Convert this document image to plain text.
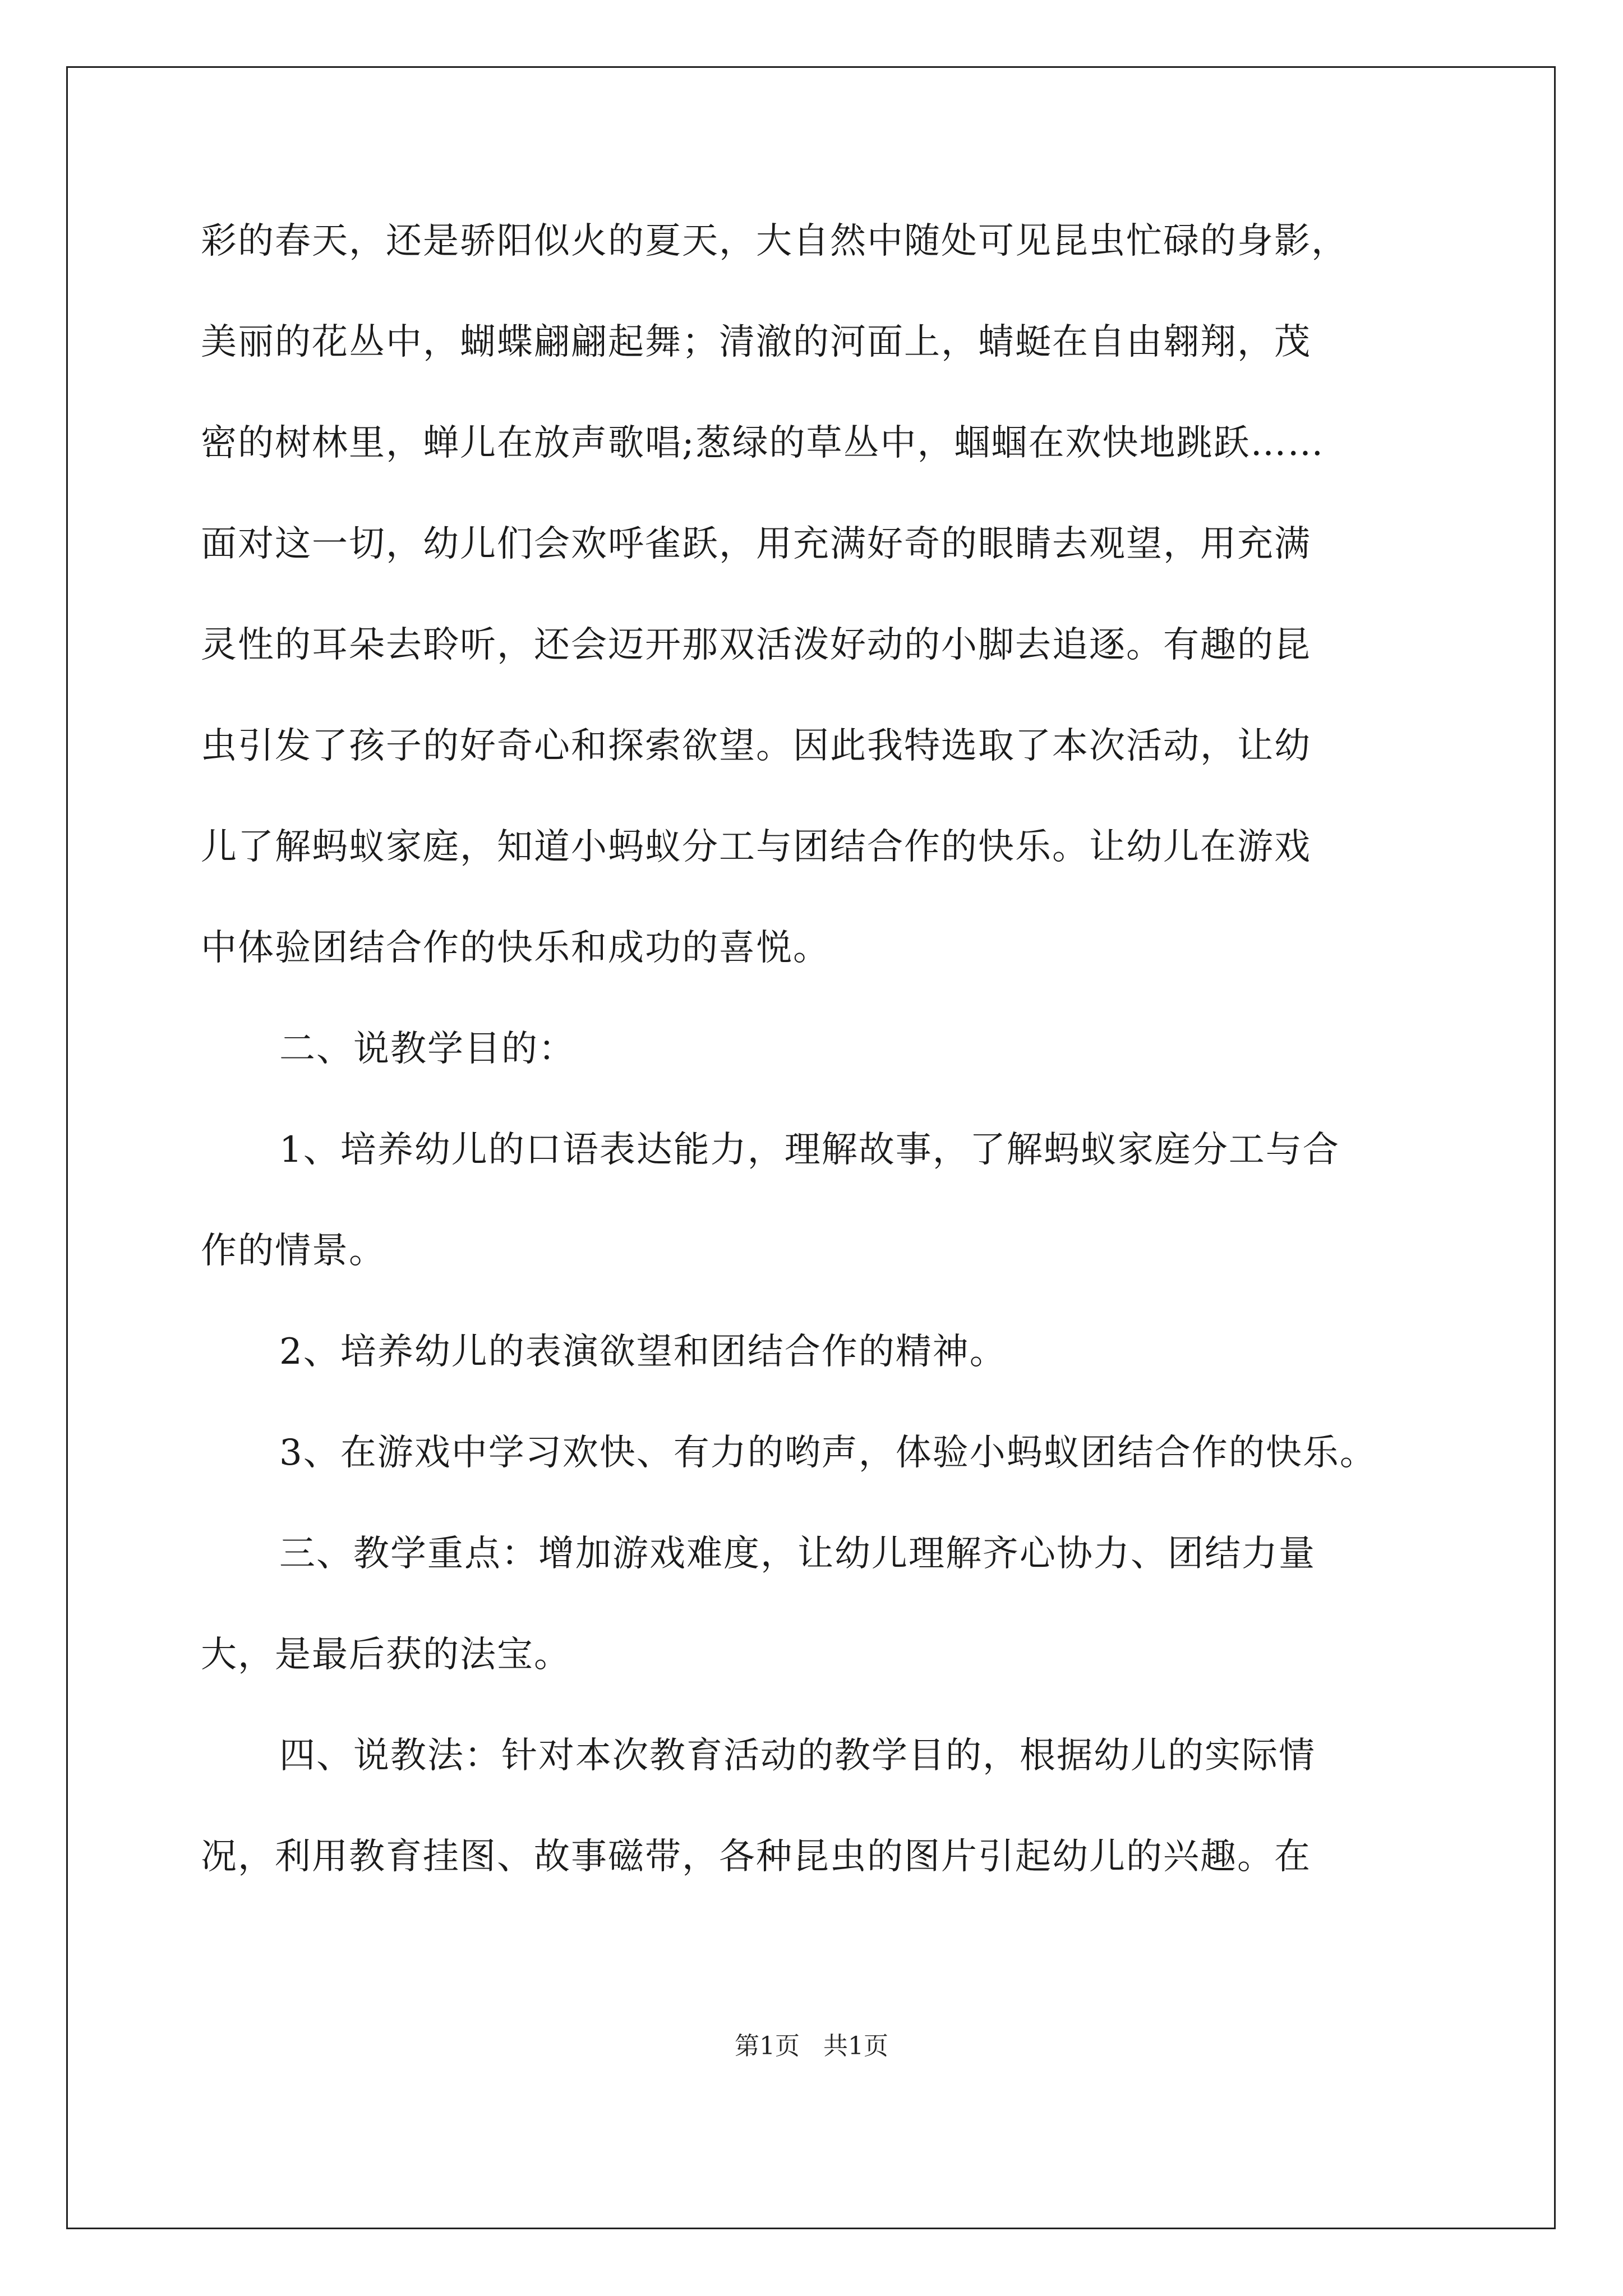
彩的春天，还是骄阳似火的夏天，大自然中随处可见昆虫忙碌的身影，
美丽的花丛中，蝴蝶翩翩起舞；清澈的河面上，蜻蜓在自由翱翔，茂
密的树林里，蝉儿在放声歌唱;葱绿的草丛中，蝈蝈在欢快地跳跃……
面对这一切，幼儿们会欢呼雀跃，用充满好奇的眼睛去观望，用充满
灵性的耳朵去聆听，还会迈开那双活泼好动的小脚去追逐。有趣的昆
虫引发了孩子的好奇心和探索欲望。因此我特选取了本次活动，让幼
儿了解蚂蚁家庭，知道小蚂蚁分工与团结合作的快乐。让幼儿在游戏
中体验团结合作的快乐和成功的喜悦。
二、说教学目的：
1、培养幼儿的口语表达能力，理解故事，了解蚂蚁家庭分工与合
作的情景。
2、培养幼儿的表演欲望和团结合作的精神。
3、在游戏中学习欢快、有力的哟声，体验小蚂蚁团结合作的快乐。
三、教学重点：增加游戏难度，让幼儿理解齐心协力、团结力量
大，是最后获的法宝。
四、说教法：针对本次教育活动的教学目的，根据幼儿的实际情
况，利用教育挂图、故事磁带，各种昆虫的图片引起幼儿的兴趣。在
第1页   共1页
